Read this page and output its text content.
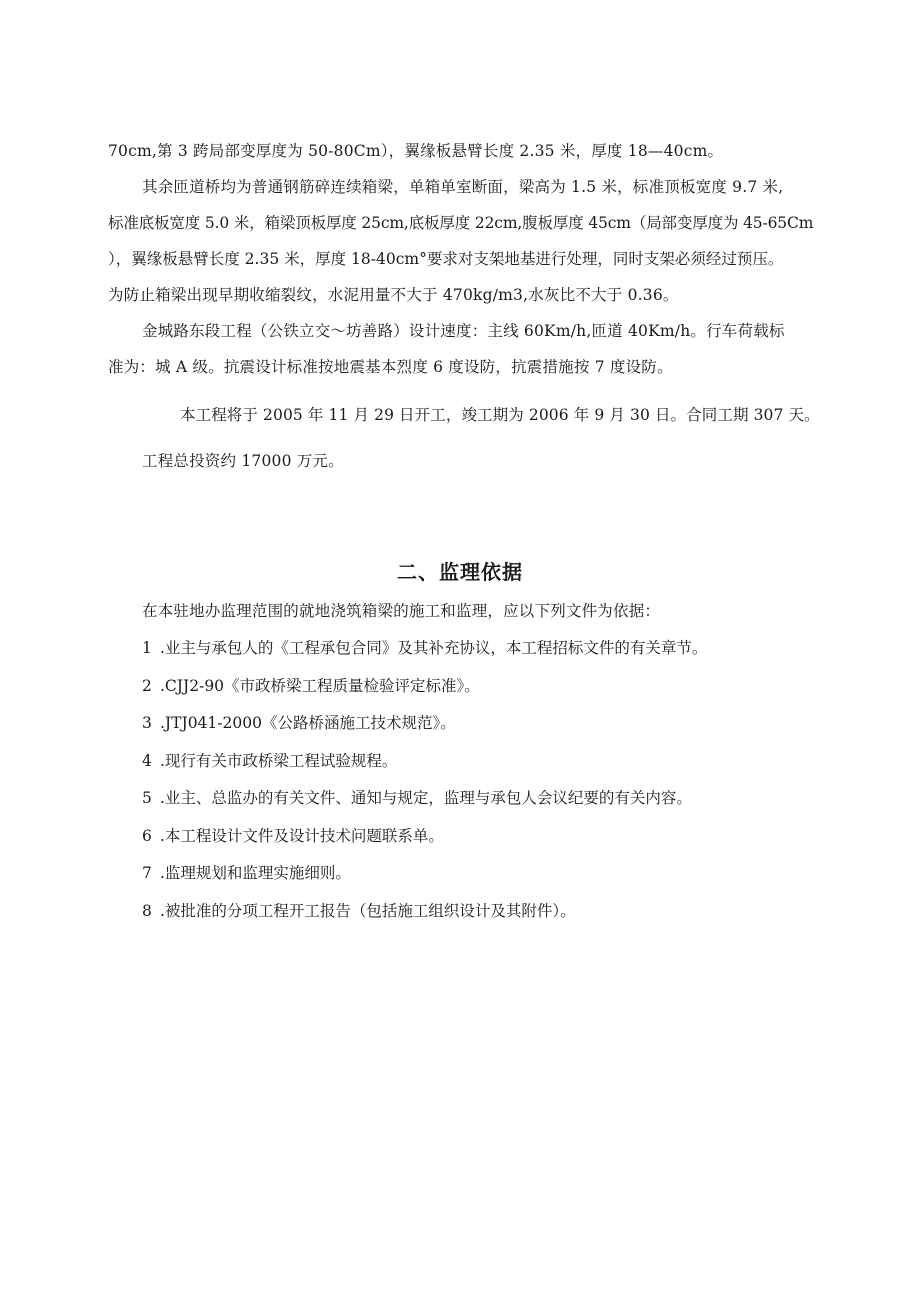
70cm,第 3 跨局部变厚度为 50-80Cm），翼缘板悬臂长度 2.35 米，厚度 18—40cm。
其余匝道桥均为普通钢筋碎连续箱梁，单箱单室断面，梁高为 1.5 米，标准顶板宽度 9.7 米,
标准底板宽度 5.0 米，箱梁顶板厚度 25cm,底板厚度 22cm,腹板厚度 45cm（局部变厚度为 45-65Cm
），翼缘板悬臂长度 2.35 米，厚度 18-40cm°要求对支架地基进行处理，同时支架必须经过预压。
为防止箱梁出现早期收缩裂纹，水泥用量不大于 470kg∕m3,水灰比不大于 0.36。
金城路东段工程（公铁立交～坊善路）设计速度：主线 60Km∕h,匝道 40Km∕h。行车荷载标
准为：城 A 级。抗震设计标准按地震基本烈度 6 度设防，抗震措施按 7 度设防。
本工程将于 2005 年 11 月 29 日开工，竣工期为 2006 年 9 月 30 日。合同工期 307 天。
工程总投资约 17000 万元。
二、监理依据
在本驻地办监理范围的就地浇筑箱梁的施工和监理，应以下列文件为依据：
1 .业主与承包人的《工程承包合同》及其补充协议，本工程招标文件的有关章节。
2 .CJJ2-90《市政桥梁工程质量检验评定标准》。
3 .JTJ041-2000《公路桥涵施工技术规范》。
4 .现行有关市政桥梁工程试验规程。
5 .业主、总监办的有关文件、通知与规定，监理与承包人会议纪要的有关内容。
6 .本工程设计文件及设计技术问题联系单。
7 .监理规划和监理实施细则。
8 .被批准的分项工程开工报告（包括施工组织设计及其附件）。
